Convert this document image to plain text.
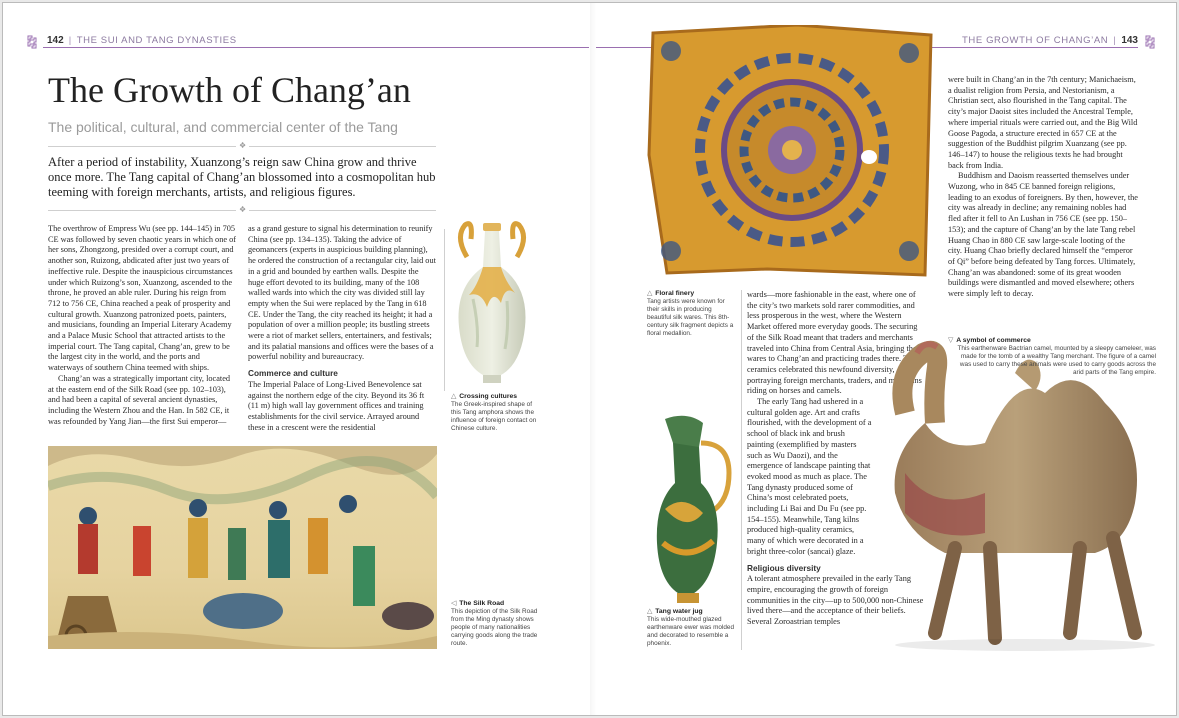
142 | THE SUI AND TANG DYNASTIES	THE GROWTH OF CHANG’AN | 143
The Growth of Chang’an
The political, cultural, and commercial center of the Tang
❖
After a period of instability, Xuanzong’s reign saw China grow and thrive once more. The Tang capital of Chang’an blossomed into a cosmopolitan hub teeming with foreign merchants, artists, and religious figures.
❖

The overthrow of Empress Wu (see pp. 144–145) in 705 CE was followed by seven chaotic years in which one of her sons, Zhongzong, presided over a corrupt court, and another son, Ruizong, abdicated after just two years of ineffective rule. Despite the inauspicious circumstances under which Ruizong’s son, Xuanzong, ascended to the throne, he proved an able ruler. During his reign from 712 to 756 CE, China reached a peak of prosperity and cultural growth. Xuanzong patronized poets, painters, and musicians, founding an Imperial Literary Academy and a Palace Music School that attracted artists to the imperial court. The Tang capital, Chang’an, grew to be the largest city in the world, and the ports and waterways of southern China teemed with ships.

Chang’an was a strategically important city, located at the eastern end of the Silk Road (see pp. 102–103), and had been a capital of several ancient dynasties, including the Western Zhou and the Han. In 582 CE, it was refounded by Yang Jian—the first Sui emperor—

as a grand gesture to signal his determination to reunify China (see pp. 134–135). Taking the advice of geomancers (experts in auspicious building planning), he ordered the construction of a rectangular city, laid out in a grid and bounded by earthen walls. Despite the huge effort devoted to its building, many of the 108 walled wards into which the city was divided still lay empty when the Sui were replaced by the Tang in 618 CE. Under the Tang, the city reached its height; it had a population of over a million people; its bustling streets were a riot of market sellers, entertainers, and festivals; and its palatial mansions and offices were the bases of a powerful nobility and bureaucracy.

Commerce and culture

The Imperial Palace of Long-Lived Benevolence sat against the northern edge of the city. Beyond its 36 ft (11 m) high wall lay government offices and training establishments for the civil service. Arrayed around these in a crescent were the residential

△ Crossing cultures
The Greek-inspired shape of this Tang amphora shows the influence of foreign contact on Chinese culture.
◁ The Silk Road
This depiction of the Silk Road from the Ming dynasty shows people of many nationalities carrying goods along the trade route.
△ Floral finery
Tang artists were known for their skills in producing beautiful silk wares. This 8th-century silk fragment depicts a floral medallion.
△ Tang water jug
This wide-mouthed glazed earthenware ewer was molded and decorated to resemble a phoenix.

wards—more fashionable in the east, where one of the city’s two markets sold rarer commodities, and less prosperous in the west, where the Western Market offered more everyday goods. The securing of the Silk Road meant that traders and merchants traveled into China from Central Asia, bringing their wares to Chang’an and practicing trades there. Tang ceramics celebrated this newfound diversity, portraying foreign merchants, traders, and musicians riding on horses and camels.

The early Tang had ushered in a cultural golden age. Art and crafts flourished, with the development of a school of black ink and brush painting (exemplified by masters such as Wu Daozi), and the emergence of landscape painting that evoked mood as much as place. The Tang dynasty produced some of China’s most celebrated poets, including Li Bai and Du Fu (see pp. 154–155). Meanwhile, Tang kilns produced high-quality ceramics, many of which were decorated in a bright three-color (sancai) glaze.

Religious diversity

A tolerant atmosphere prevailed in the early Tang empire, encouraging the growth of foreign communities in the city—up to 500,000 non-Chinese lived there—and the acceptance of their beliefs. Several Zoroastrian temples

were built in Chang’an in the 7th century; Manichaeism, a dualist religion from Persia, and Nestorianism, a Christian sect, also flourished in the Tang capital. The city’s major Daoist sites included the Ancestral Temple, where imperial rituals were carried out, and the Big Wild Goose Pagoda, a structure erected in 657 CE at the suggestion of the Buddhist pilgrim Xuanzang (see pp. 146–147) to house the religious texts he had brought back from India.

Buddhism and Daoism reasserted themselves under Wuzong, who in 845 CE banned foreign religions, leading to an exodus of foreigners. By then, however, the city was already in decline; any remaining nobles had fled after it fell to An Lushan in 756 CE (see pp. 150–153); and the capture of Chang’an by the late Tang rebel Huang Chao in 880 CE saw large-scale looting of the city. Huang Chao briefly declared himself the “emperor of Qi” before being defeated by Tang forces. Ultimately, Chang’an was abandoned: some of its great wooden buildings were dismantled and moved elsewhere; others were simply left to decay.

▽ A symbol of commerce
This earthenware Bactrian camel, mounted by a sleepy cameleer, was made for the tomb of a wealthy Tang merchant. The figure of a camel was used to carry these animals were used to carry goods across the arid parts of the Tang empire.
